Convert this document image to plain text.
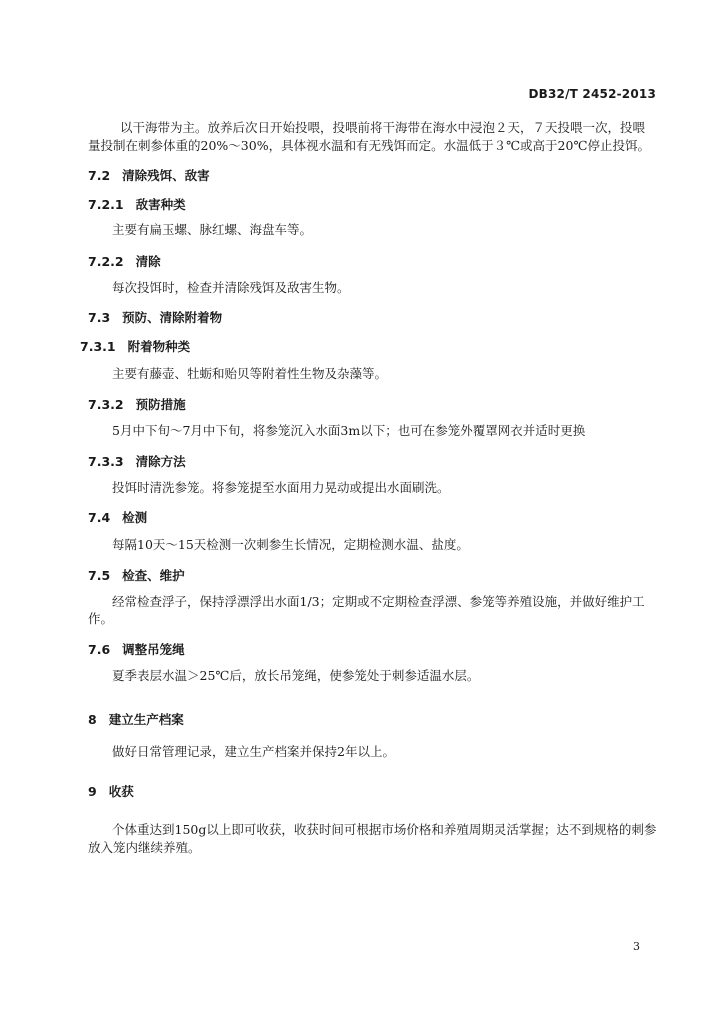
DB32/T 2452-2013
以干海带为主。放养后次日开始投喂，投喂前将干海带在海水中浸泡２天，７天投喂一次，投喂
量投制在刺参体重的20%～30%，具体视水温和有无残饵而定。水温低于３℃或高于20℃停止投饵。
7.2 清除残饵、敌害
7.2.1 敌害种类
主要有扁玉螺、脉红螺、海盘车等。
7.2.2 清除
每次投饵时，检查并清除残饵及敌害生物。
7.3 预防、清除附着物
7.3.1 附着物种类
主要有藤壶、牡蛎和贻贝等附着性生物及杂藻等。
7.3.2 预防措施
5月中下旬～7月中下旬，将参笼沉入水面3m以下；也可在参笼外覆罩网衣并适时更换
7.3.3 清除方法
投饵时清洗参笼。将参笼提至水面用力晃动或提出水面刷洗。
7.4 检测
每隔10天～15天检测一次刺参生长情况，定期检测水温、盐度。
7.5 检查、维护
经常检查浮子，保持浮漂浮出水面1/3；定期或不定期检查浮漂、参笼等养殖设施，并做好维护工
作。
7.6 调整吊笼绳
夏季表层水温＞25℃后，放长吊笼绳，使参笼处于刺参适温水层。
8 建立生产档案
做好日常管理记录，建立生产档案并保持2年以上。
9 收获
个体重达到150g以上即可收获，收获时间可根据市场价格和养殖周期灵活掌握；达不到规格的刺参
放入笼内继续养殖。
3
